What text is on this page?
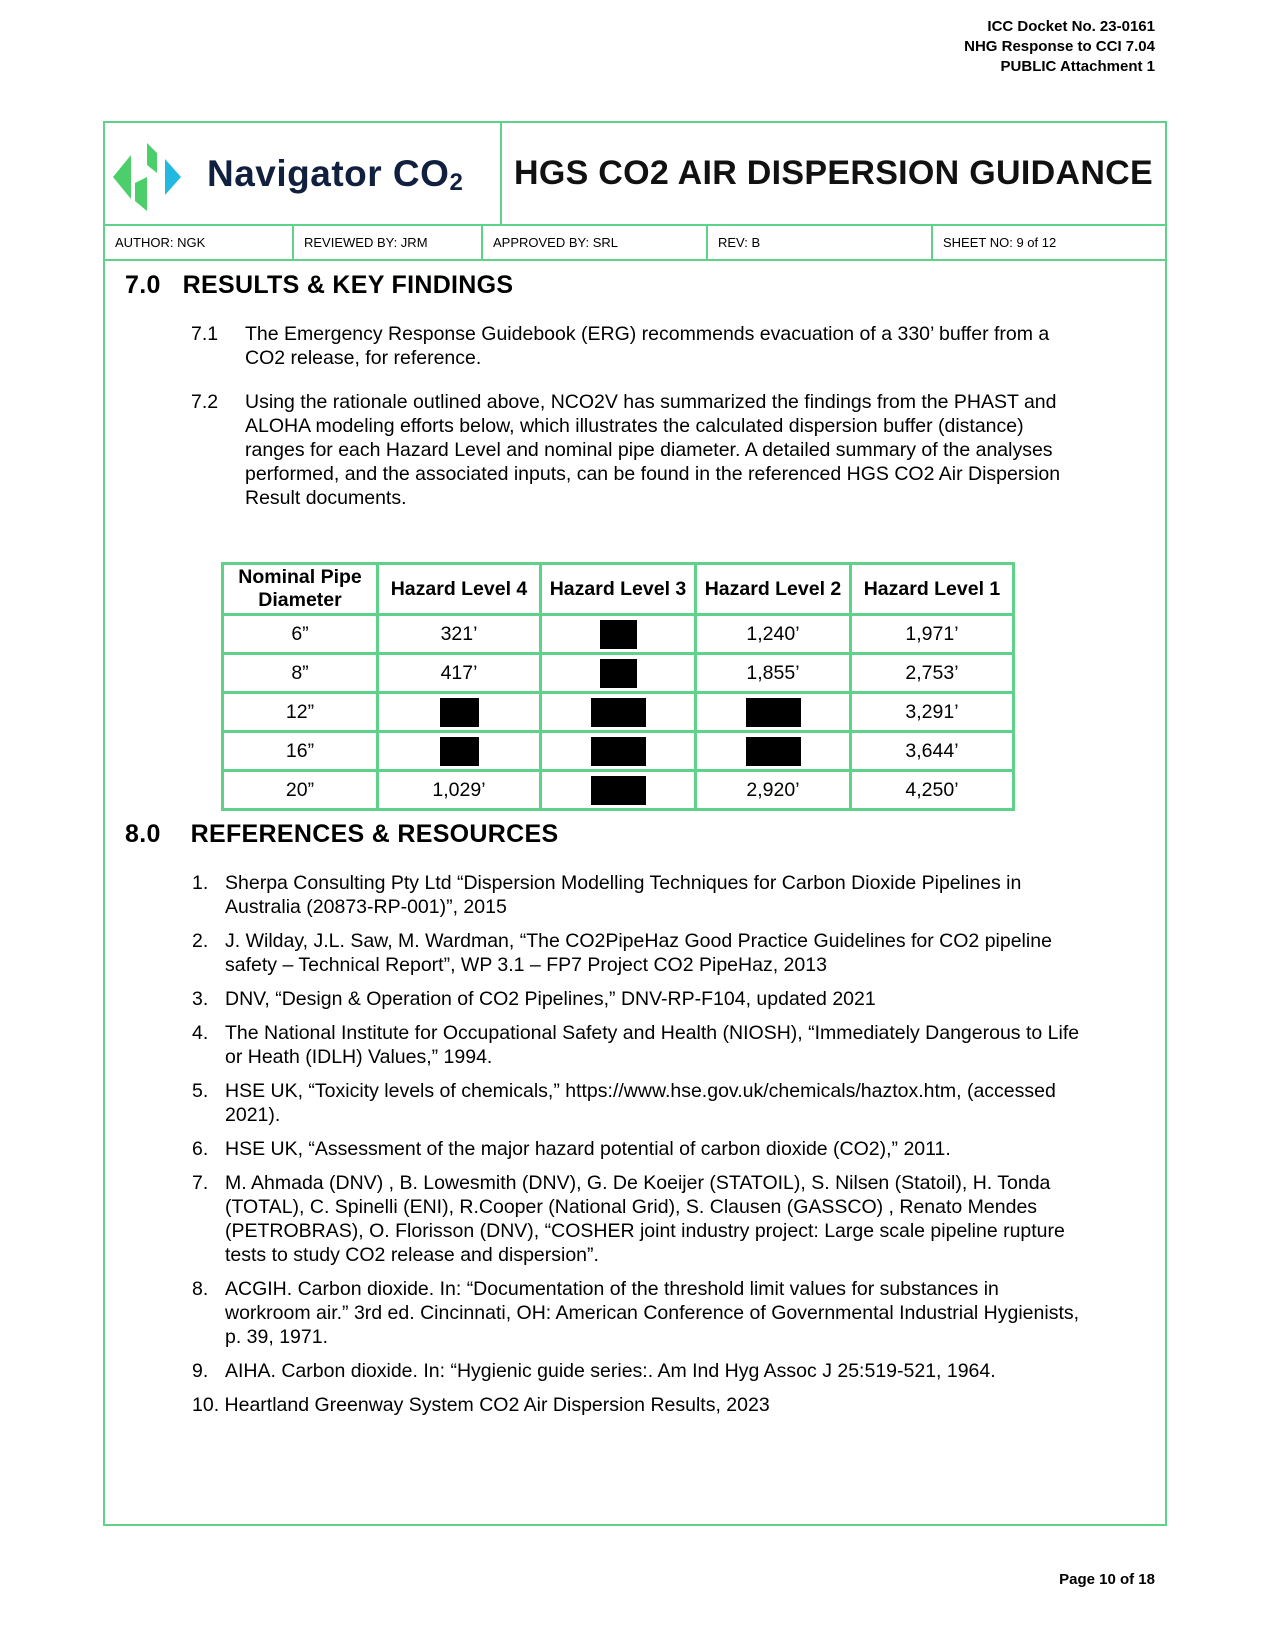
ICC Docket No. 23-0161
NHG Response to CCI 7.04
PUBLIC Attachment 1
Navigator $CO_2$ HGS CO2 AIR DISPERSION GUIDANCE
AUTHOR: NGK	REVIEWED BY: JRM	APPROVED BY: SRL	REV: B	SHEET NO: 9 of 12
7.0 RESULTS & KEY FINDINGS
7.1 The Emergency Response Guidebook (ERG) recommends evacuation of a 330’ buffer from a
CO2 release, for reference.
7.2 Using the rationale outlined above, NCO2V has summarized the findings from the PHAST and
ALOHA modeling efforts below, which illustrates the calculated dispersion buffer (distance)
ranges for each Hazard Level and nominal pipe diameter. A detailed summary of the analyses
performed, and the associated inputs, can be found in the referenced HGS CO2 Air Dispersion
Result documents.
Nominal Pipe
Diameter	Hazard Level 4	Hazard Level 3	Hazard Level 2	Hazard Level 1
6”	321’		1,240’	1,971’
8”	417’		1,855’	2,753’
12”				3,291’
16”				3,644’
20”	1,029’		2,920’	4,250’
8.0 REFERENCES & RESOURCES
1. Sherpa Consulting Pty Ltd “Dispersion Modelling Techniques for Carbon Dioxide Pipelines in
Australia (20873-RP-001)”, 2015
2. J. Wilday, J.L. Saw, M. Wardman, “The CO2PipeHaz Good Practice Guidelines for CO2 pipeline
safety – Technical Report”, WP 3.1 – FP7 Project CO2 PipeHaz, 2013
3. DNV, “Design & Operation of CO2 Pipelines,” DNV-RP-F104, updated 2021
4. The National Institute for Occupational Safety and Health (NIOSH), “Immediately Dangerous to Life
or Heath (IDLH) Values,” 1994.
5. HSE UK, “Toxicity levels of chemicals,” https://www.hse.gov.uk/chemicals/haztox.htm, (accessed
2021).
6. HSE UK, “Assessment of the major hazard potential of carbon dioxide (CO2),” 2011.
7. M. Ahmada (DNV) , B. Lowesmith (DNV), G. De Koeijer (STATOIL), S. Nilsen (Statoil), H. Tonda
(TOTAL), C. Spinelli (ENI), R.Cooper (National Grid), S. Clausen (GASSCO) , Renato Mendes
(PETROBRAS), O. Florisson (DNV), “COSHER joint industry project: Large scale pipeline rupture
tests to study CO2 release and dispersion”.
8. ACGIH. Carbon dioxide. In: “Documentation of the threshold limit values for substances in
workroom air.” 3rd ed. Cincinnati, OH: American Conference of Governmental Industrial Hygienists,
p. 39, 1971.
9. AIHA. Carbon dioxide. In: “Hygienic guide series:. Am Ind Hyg Assoc J 25:519-521, 1964.
10. Heartland Greenway System CO2 Air Dispersion Results, 2023
Page 10 of 18
